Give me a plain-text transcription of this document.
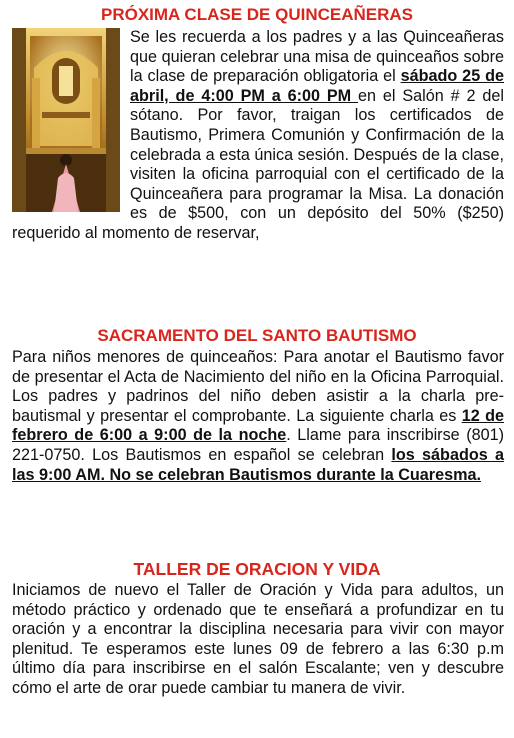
PRÓXIMA CLASE DE QUINCEAÑERAS
Se les recuerda a los padres y a las Quinceañeras que quieran celebrar una misa de quinceaños sobre la clase de preparación obligatoria el sábado 25 de abril, de 4:00 PM a 6:00 PM en el Salón # 2 del sótano. Por favor, traigan los certificados de Bautismo, Primera Comunión y Confirmación de la celebrada a esta única sesión. Después de la clase, visiten la oficina parroquial con el certificado de la Quinceañera para programar la Misa. La donación es de $500, con un depósito del 50% ($250) requerido al momento de reservar,
SACRAMENTO DEL SANTO BAUTISMO
Para niños menores de quinceaños: Para anotar el Bautismo favor de presentar el Acta de Nacimiento del niño en la Oficina Parroquial. Los padres y padrinos del niño deben asistir a la charla pre-bautismal y presentar el comprobante. La siguiente charla es 12 de febrero de 6:00 a 9:00 de la noche. Llame para inscribirse (801) 221-0750. Los Bautismos en español se celebran los sábados a las 9:00 AM. No se celebran Bautismos durante la Cuaresma.
TALLER DE ORACION Y VIDA
Iniciamos de nuevo el Taller de Oración y Vida para adultos, un método práctico y ordenado que te enseñará a profundizar en tu oración y a encontrar la disciplina necesaria para vivir con mayor plenitud. Te esperamos este lunes 09 de febrero a las 6:30 p.m último día para inscribirse en el salón Escalante; ven y descubre cómo el arte de orar puede cambiar tu manera de vivir.
